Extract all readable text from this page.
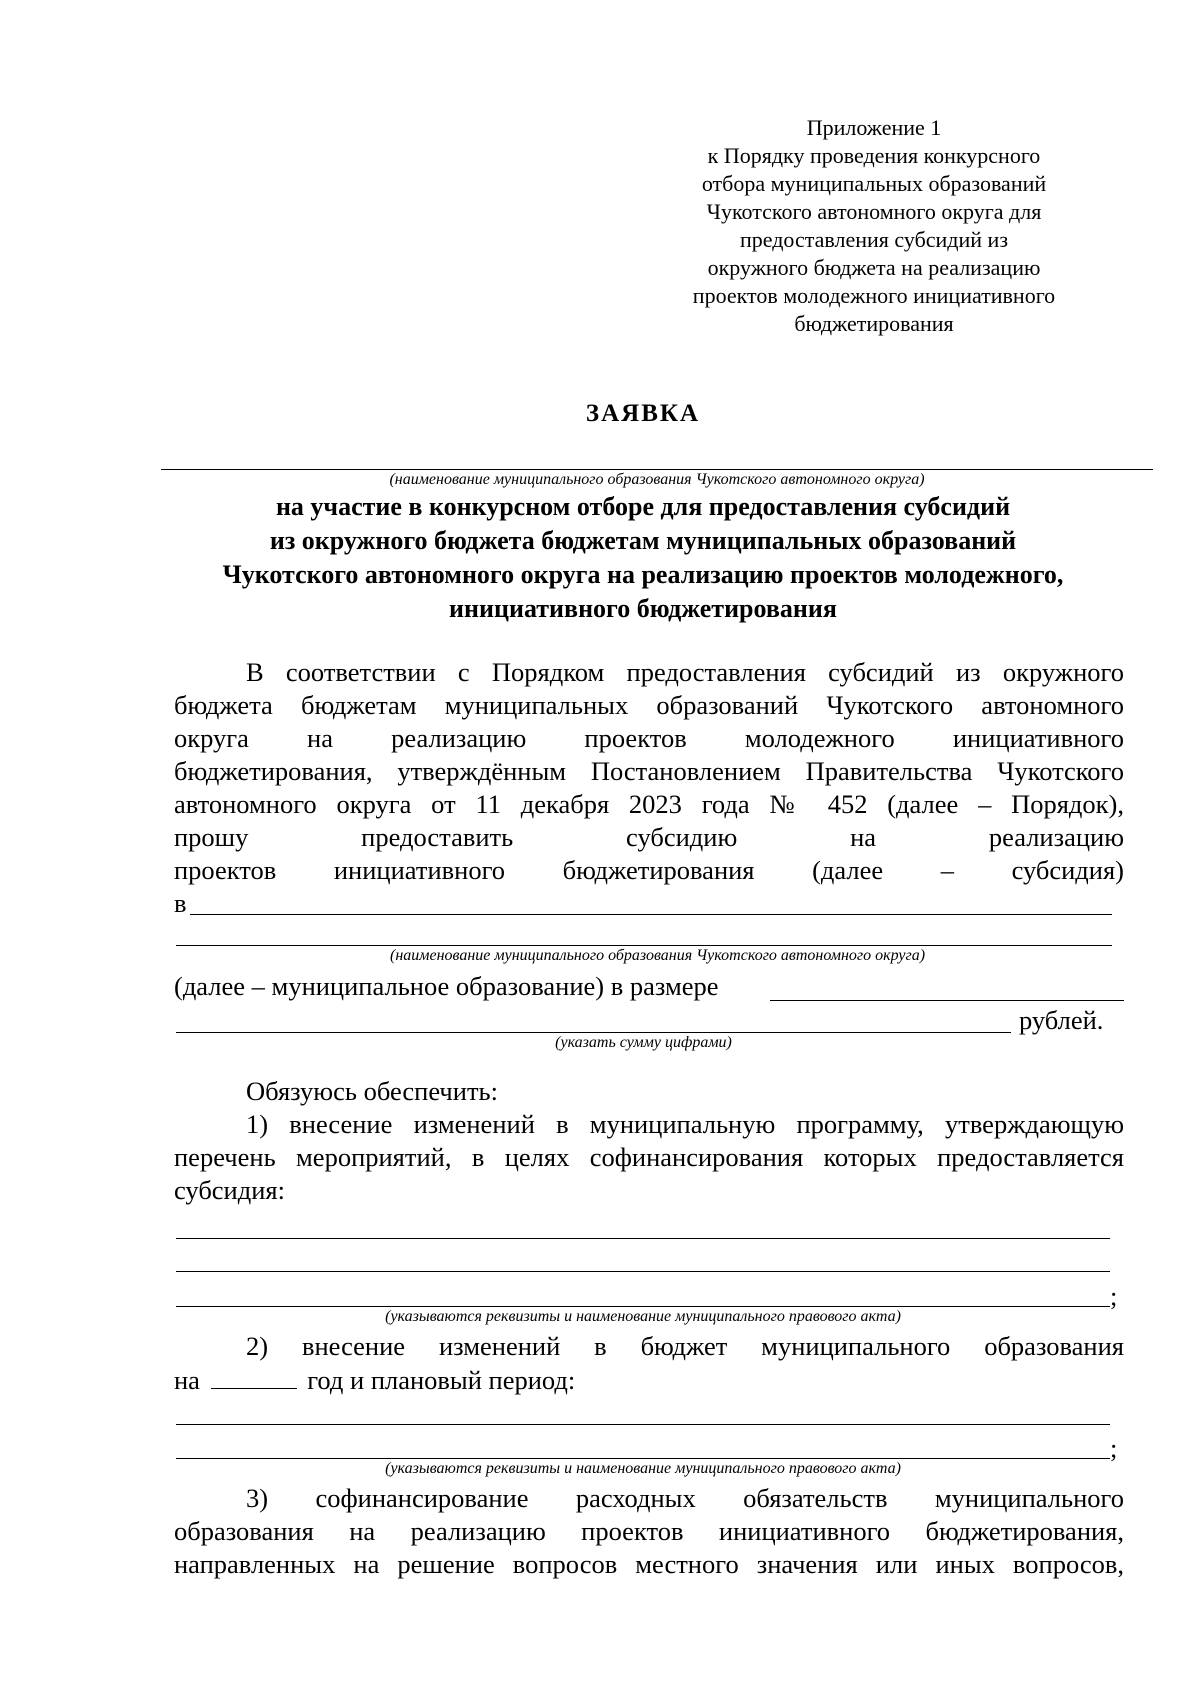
Приложение 1
к Порядку проведения конкурсного
отбора муниципальных образований
Чукотского автономного округа для
предоставления субсидий из
окружного бюджета на реализацию
проектов молодежного инициативного
бюджетирования
ЗАЯВКА
(наименование муниципального образования Чукотского автономного округа)
на участие в конкурсном отборе для предоставления субсидий
из окружного бюджета бюджетам муниципальных образований
Чукотского автономного округа на реализацию проектов молодежного,
инициативного бюджетирования
В соответствии с Порядком предоставления субсидий из окружного
бюджета бюджетам муниципальных образований Чукотского автономного
округа на реализацию проектов молодежного инициативного
бюджетирования, утверждённым Постановлением Правительства Чукотского
автономного округа от 11 декабря 2023 года № 452 (далее – Порядок),
прошу предоставить субсидию на реализацию
проектов инициативного бюджетирования (далее – субсидия)
в
(наименование муниципального образования Чукотского автономного округа)
(далее – муниципальное образование) в размере
рублей.
(указать сумму цифрами)
Обязуюсь обеспечить:
1) внесение изменений в муниципальную программу, утверждающую
перечень мероприятий, в целях софинансирования которых предоставляется
субсидия:
;
(указываются реквизиты и наименование муниципального правового акта)
2) внесение изменений в бюджет муниципального образования
на	год и плановый период:
;
(указываются реквизиты и наименование муниципального правового акта)
3) софинансирование расходных обязательств муниципального
образования на реализацию проектов инициативного бюджетирования,
направленных на решение вопросов местного значения или иных вопросов,
